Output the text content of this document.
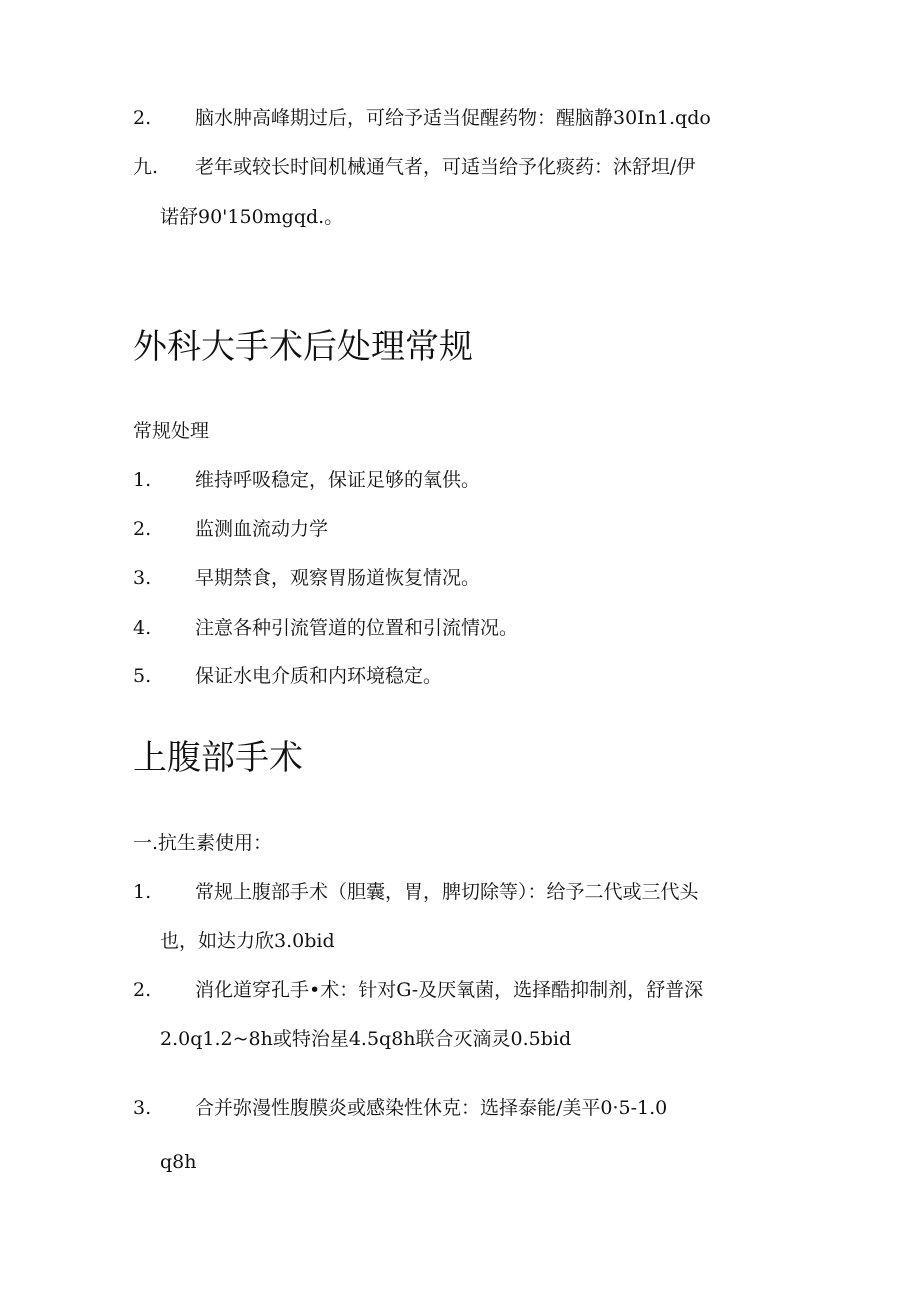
2. 脑水肿高峰期过后，可给予适当促醒药物：醒脑静30In1.qdo
九. 老年或较长时间机械通气者，可适当给予化痰药：沐舒坦/伊
诺舒90'150mgqd.。
外科大手术后处理常规
常规处理
1. 维持呼吸稳定，保证足够的氧供。
2. 监测血流动力学
3. 早期禁食，观察胃肠道恢复情况。
4. 注意各种引流管道的位置和引流情况。
5. 保证水电介质和内环境稳定。
上腹部手术
一.抗生素使用：
1. 常规上腹部手术（胆囊，胃，脾切除等）：给予二代或三代头
也，如达力欣3.0bid
2. 消化道穿孔手•术：针对G-及厌氧菌，选择酷抑制剂，舒普深
2.0q1.2~8h或特治星4.5q8h联合灭滴灵0.5bid
3. 合并弥漫性腹膜炎或感染性休克：选择泰能/美平0·5-1.0
q8h
